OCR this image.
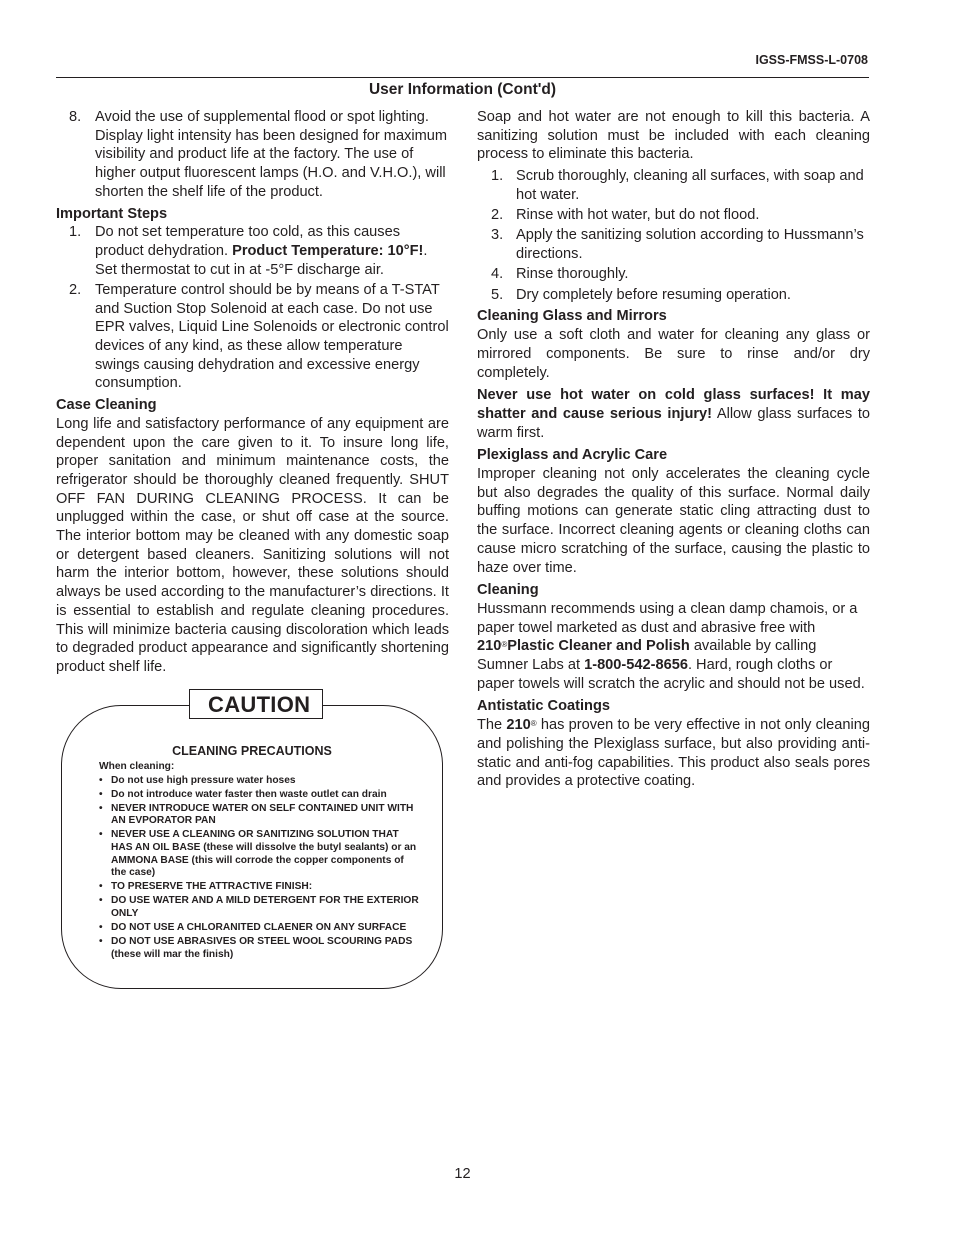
IGSS-FMSS-L-0708
User Information (Cont'd)
8. Avoid the use of supplemental flood or spot lighting. Display light intensity has been designed for maximum visibility and product life at the factory. The use of higher output fluorescent lamps (H.O. and V.H.O.), will shorten the shelf life of the product.
Important Steps
1. Do not set temperature too cold, as this causes product dehydration. Product Temperature: 10°F!. Set thermostat to cut in at -5°F discharge air.
2. Temperature control should be by means of a T-STAT and Suction Stop Solenoid at each case. Do not use EPR valves, Liquid Line Solenoids or electronic control devices of any kind, as these allow temperature swings causing dehydration and excessive energy consumption.
Case Cleaning

Long life and satisfactory performance of any equipment are dependent upon the care given to it. To insure long life, proper sanitation and minimum maintenance costs, the refrigerator should be thoroughly cleaned frequently. SHUT OFF FAN DURING CLEANING PROCESS. It can be unplugged within the case, or shut off case at the source. The interior bottom may be cleaned with any domestic soap or detergent based cleaners. Sanitizing solutions will not harm the interior bottom, however, these solutions should always be used according to the manufacturer’s directions. It is essential to establish and regulate cleaning procedures. This will minimize bacteria causing discoloration which leads to degraded product appearance and significantly shortening product shelf life.

CAUTION
CLEANING PRECAUTIONS

When cleaning:

• Do not use high pressure water hoses
• Do not introduce water faster then waste outlet can drain
• NEVER INTRODUCE WATER ON SELF CONTAINED UNIT WITH AN EVPORATOR PAN
• NEVER USE A CLEANING OR SANITIZING SOLUTION THAT HAS AN OIL BASE (these will dissolve the butyl sealants) or an AMMONA BASE (this will corrode the copper components of the case)
• TO PRESERVE THE ATTRACTIVE FINISH:
• DO USE WATER AND A MILD DETERGENT FOR THE EXTERIOR ONLY
• DO NOT USE A CHLORANITED CLAENER ON ANY SURFACE
• DO NOT USE ABRASIVES OR STEEL WOOL SCOURING PADS (these will mar the finish)

Soap and hot water are not enough to kill this bacteria. A sanitizing solution must be included with each cleaning process to eliminate this bacteria.

1. Scrub thoroughly, cleaning all surfaces, with soap and hot water.
2. Rinse with hot water, but do not flood.
3. Apply the sanitizing solution according to Hussmann’s directions.
4. Rinse thoroughly.
5. Dry completely before resuming operation.
Cleaning Glass and Mirrors

Only use a soft cloth and water for cleaning any glass or mirrored components. Be sure to rinse and/or dry completely.

Never use hot water on cold glass surfaces! It may shatter and cause serious injury! Allow glass surfaces to warm first.

Plexiglass and Acrylic Care

Improper cleaning not only accelerates the cleaning cycle but also degrades the quality of this surface. Normal daily buffing motions can generate static cling attracting dust to the surface. Incorrect cleaning agents or cleaning cloths can cause micro scratching of the surface, causing the plastic to haze over time.

Cleaning

Hussmann recommends using a clean damp chamois, or a paper towel marketed as dust and abrasive free with 210®Plastic Cleaner and Polish available by calling Sumner Labs at 1-800-542-8656. Hard, rough cloths or paper towels will scratch the acrylic and should not be used.

Antistatic Coatings

The 210® has proven to be very effective in not only cleaning and polishing the Plexiglass surface, but also providing anti-static and anti-fog capabilities. This product also seals pores and provides a protective coating.

12
